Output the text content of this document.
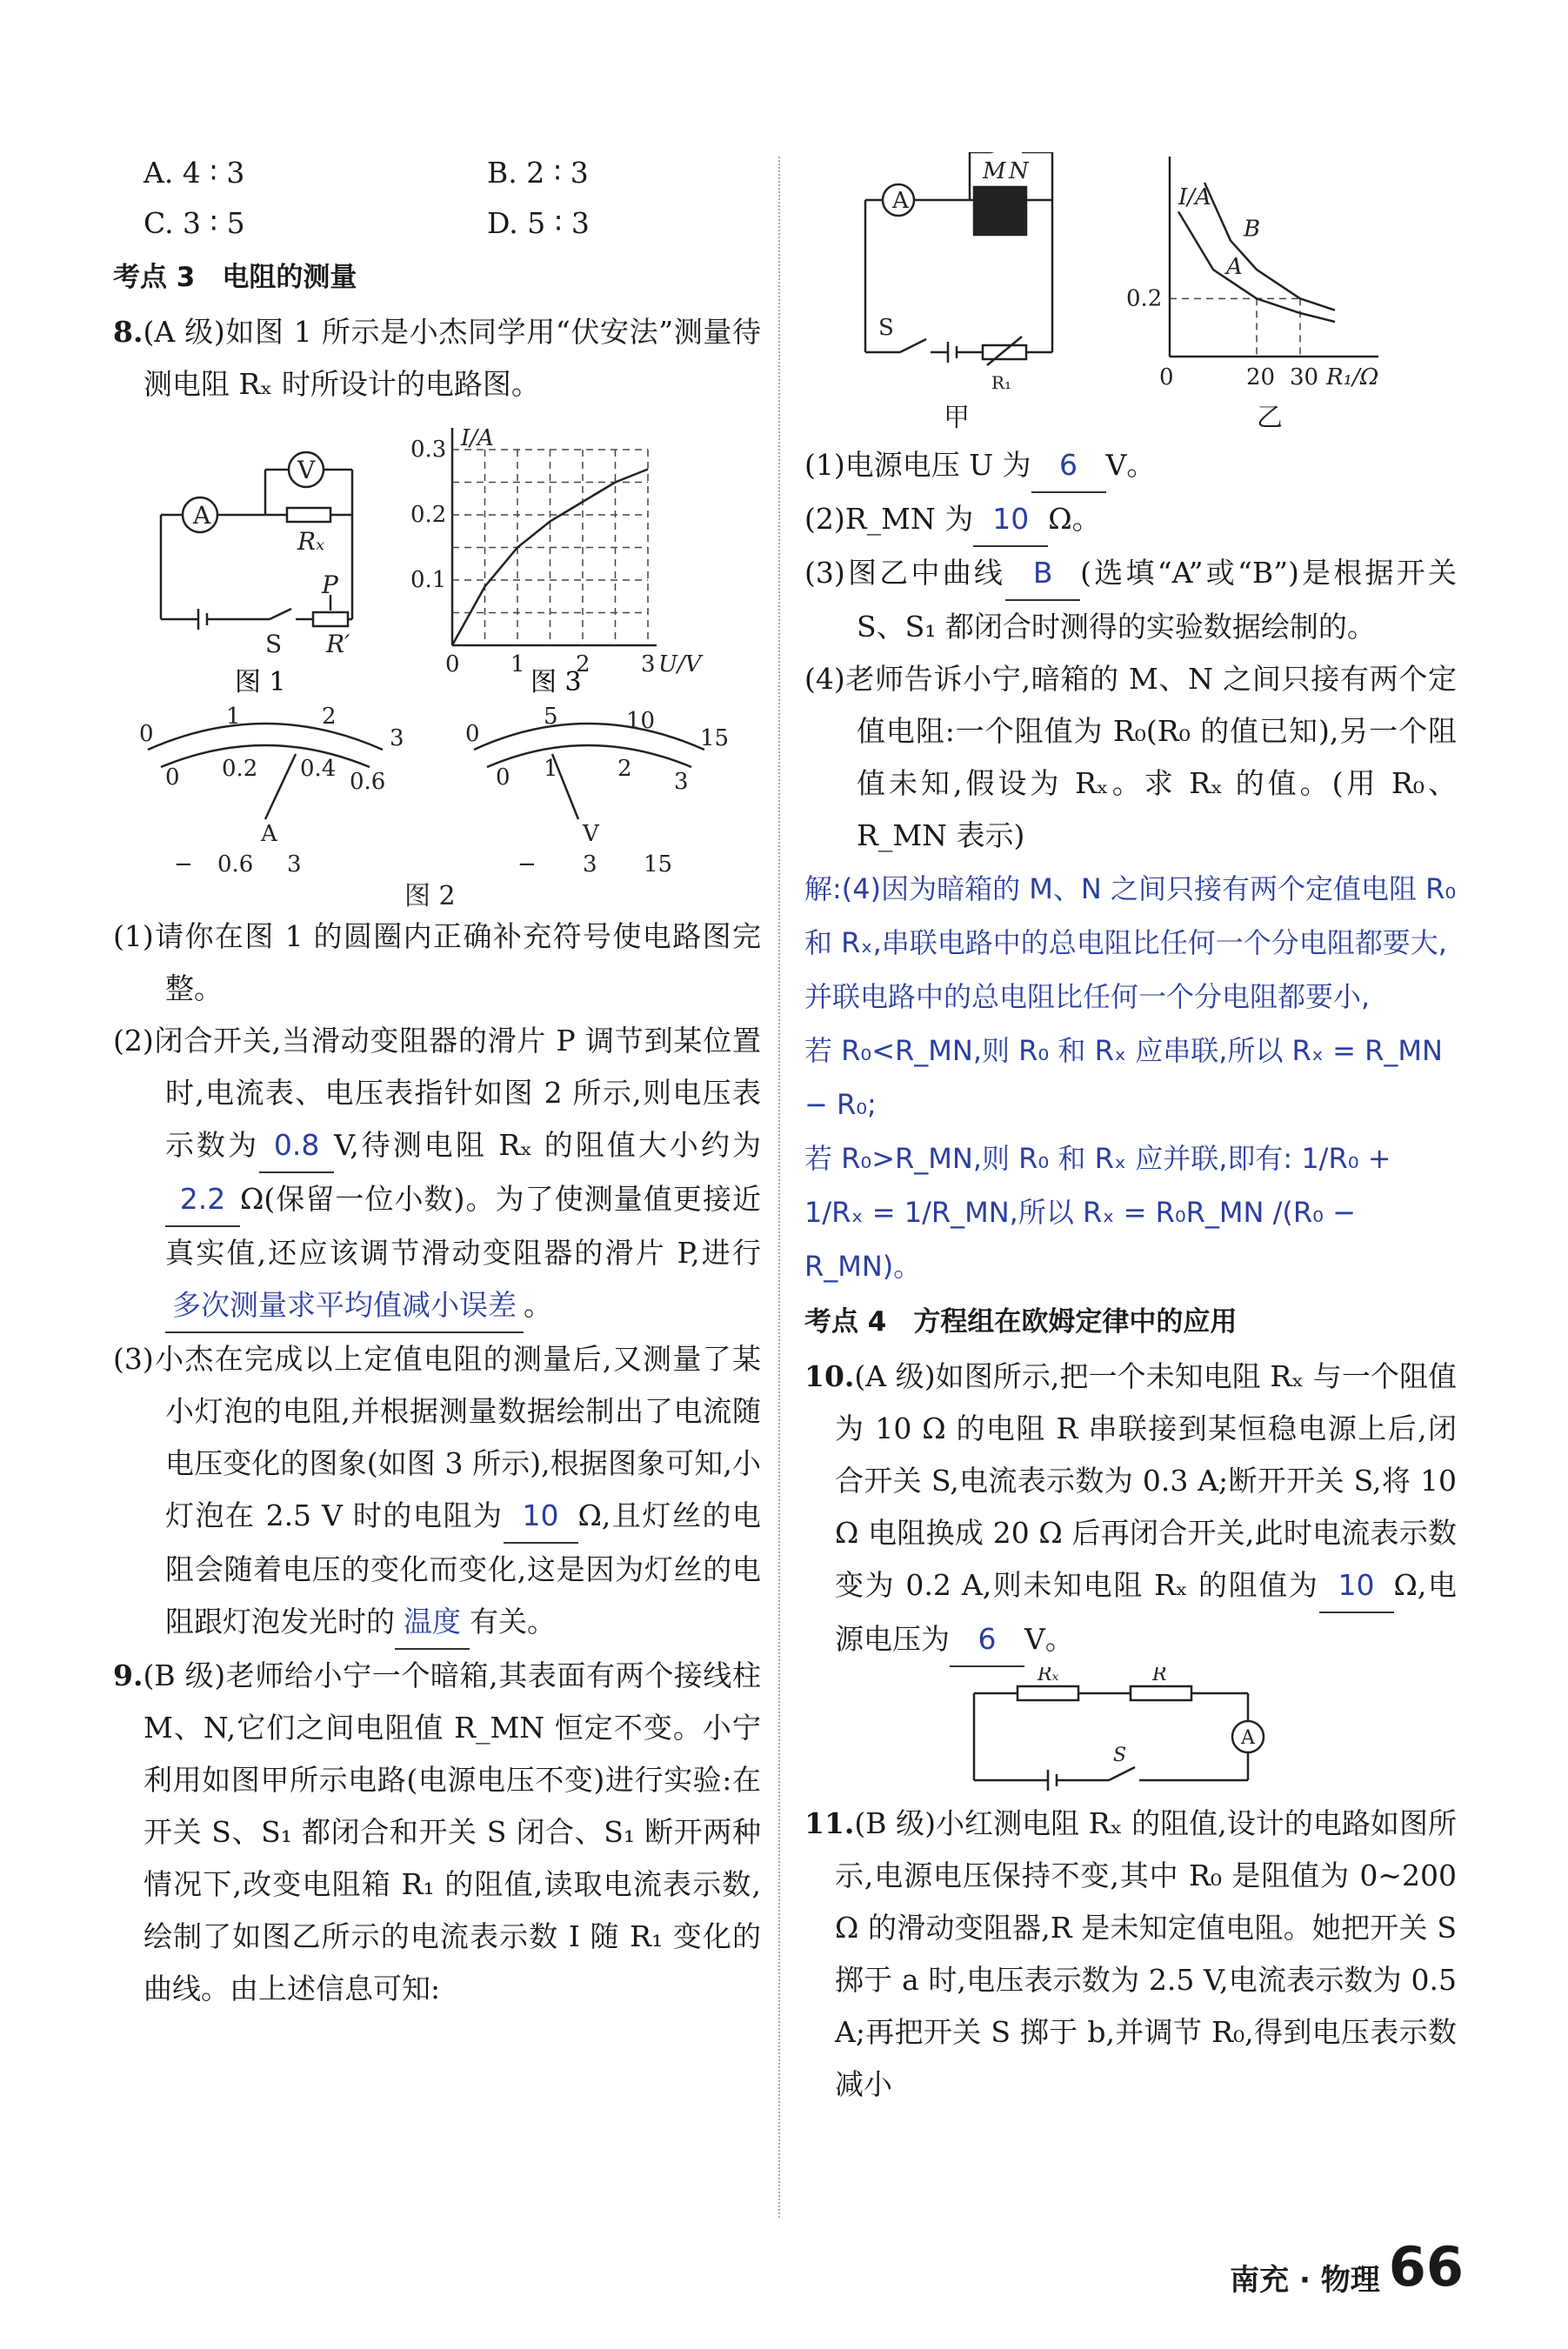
A. 4 ∶ 3	B. 2 ∶ 3
C. 3 ∶ 5	D. 5 ∶ 3
考点 3　电阻的测量

8.(A 级)如图 1 所示是小杰同学用“伏安法”测量待测电阻 Rₓ 时所设计的电路图。

A
V
Rₓ
S
P
R′
0 1 2 3
0.1
0.2
0.3 I/A
U/V
图 1	图 3
0
1	2
3
0 0.2 0.4 0.6
A
− 0.6 3
0
5	10
15
0 1	2 3
V
− 3 15
图 2

(1)请你在图 1 的圆圈内正确补充符号使电路图完整。

(2)闭合开关,当滑动变阻器的滑片 P 调节到某位置时,电流表、电压表指针如图 2 所示,则电压表示数为 0.8 V,待测电阻 Rₓ 的阻值大小约为2.2 Ω(保留一位小数)。为了使测量值更接近真实值,还应该调节滑动变阻器的滑片 P,进行多次测量求平均值减小误差 。

(3)小杰在完成以上定值电阻的测量后,又测量了某小灯泡的电阻,并根据测量数据绘制出了电流随电压变化的图象(如图 3 所示),根据图象可知,小灯泡在 2.5 V 时的电阻为 10 Ω,且灯丝的电阻会随着电压的变化而变化,这是因为灯丝的电阻跟灯泡发光时的 温度 有关。

9.(B 级)老师给小宁一个暗箱,其表面有两个接线柱 M、N,它们之间电阻值 R_MN 恒定不变。小宁利用如图甲所示电路(电源电压不变)进行实验:在开关 S、S₁ 都闭合和开关 S 闭合、S₁ 断开两种情况下,改变电阻箱 R₁ 的阻值,读取电流表示数,绘制了如图乙所示的电流表示数 I 随 R₁ 变化的曲线。由上述信息可知:

A
M N
S
R₁
甲	乙
0	20 30
0.2
I/A
R₁/Ω
A
B

(1)电源电压 U 为 6 V。

(2)R_MN 为 10 Ω。

(3)图乙中曲线 B (选填“A”或“B”)是根据开关 S、S₁ 都闭合时测得的实验数据绘制的。

(4)老师告诉小宁,暗箱的 M、N 之间只接有两个定值电阻:一个阻值为 R₀(R₀ 的值已知),另一个阻值未知,假设为 Rₓ。求 Rₓ 的值。(用 R₀、R_MN 表示)

解:(4)因为暗箱的 M、N 之间只接有两个定值电阻 R₀ 和 Rₓ,串联电路中的总电阻比任何一个分电阻都要大,并联电路中的总电阻比任何一个分电阻都要小,
若 R₀<R_MN,则 R₀ 和 Rₓ 应串联,所以 Rₓ = R_MN − R₀;
若 R₀>R_MN,则 R₀ 和 Rₓ 应并联,即有: 1/R₀ + 1/Rₓ = 1/R_MN,所以 Rₓ = R₀R_MN /(R₀ − R_MN)。
考点 4　方程组在欧姆定律中的应用

10.(A 级)如图所示,把一个未知电阻 Rₓ 与一个阻值为 10 Ω 的电阻 R 串联接到某恒稳电源上后,闭合开关 S,电流表示数为 0.3 A;断开开关 S,将 10 Ω 电阻换成 20 Ω 后再闭合开关,此时电流表示数变为 0.2 A,则未知电阻 Rₓ 的阻值为 10 Ω,电源电压为 6 V。

Rₓ	R
S
A

11.(B 级)小红测电阻 Rₓ 的阻值,设计的电路如图所示,电源电压保持不变,其中 R₀ 是阻值为 0~200 Ω 的滑动变阻器,R 是未知定值电阻。她把开关 S 掷于 a 时,电压表示数为 2.5 V,电流表示数为 0.5 A;再把开关 S 掷于 b,并调节 R₀,得到电压表示数减小

南充 · 物理 66
